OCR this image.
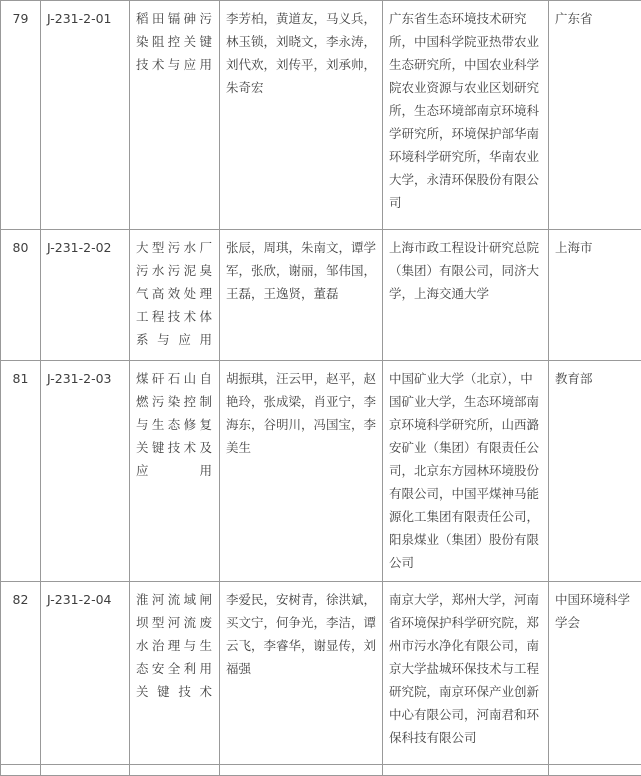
79	J-231-2-01	稻田镉砷污染阻控关键技术与应用	李芳柏，黄道友，马义兵，林玉锁，刘晓文，李永涛，刘代欢，刘传平，刘承帅，朱奇宏	广东省生态环境技术研究所，中国科学院亚热带农业生态研究所，中国农业科学院农业资源与农业区划研究所，生态环境部南京环境科学研究所，环境保护部华南环境科学研究所，华南农业大学，永清环保股份有限公司	广东省
80	J-231-2-02	大型污水厂污水污泥臭气高效处理工程技术体系与应用	张辰，周琪，朱南文，谭学军，张欣，谢丽，邹伟国，王磊，王逸贤，董磊	上海市政工程设计研究总院（集团）有限公司，同济大学，上海交通大学	上海市
81	J-231-2-03	煤矸石山自燃污染控制与生态修复关键技术及应用	胡振琪，汪云甲，赵平，赵艳玲，张成梁，肖亚宁，李海东，谷明川，冯国宝，李美生	中国矿业大学（北京），中国矿业大学，生态环境部南京环境科学研究所，山西潞安矿业（集团）有限责任公司，北京东方园林环境股份有限公司，中国平煤神马能源化工集团有限责任公司，阳泉煤业（集团）股份有限公司	教育部
82	J-231-2-04	淮河流域闸坝型河流废水治理与生态安全利用关键技术	李爱民，安树青，徐洪斌，买文宁，何争光，李洁，谭云飞，李睿华，谢显传，刘福强	南京大学，郑州大学，河南省环境保护科学研究院，郑州市污水净化有限公司，南京大学盐城环保技术与工程研究院，南京环保产业创新中心有限公司，河南君和环保科技有限公司	中国环境科学学会
